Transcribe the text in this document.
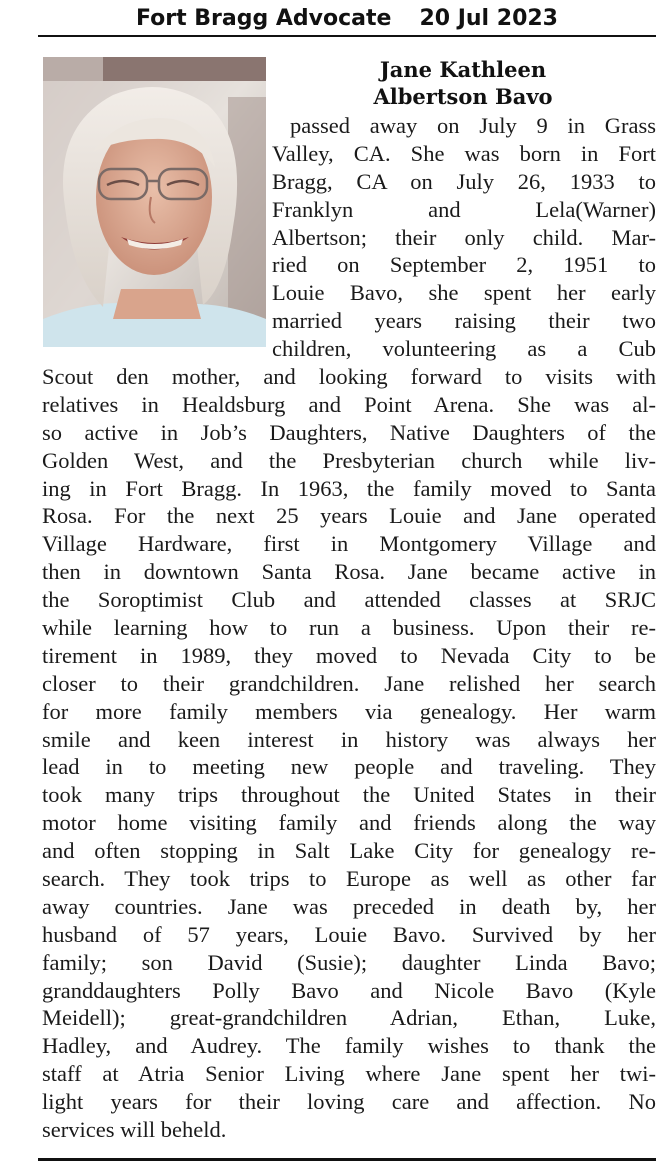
Fort Bragg Advocate 20 Jul 2023
Jane Kathleen
Albertson Bavo
passed away on July 9 in Grass
Valley, CA. She was born in Fort
Bragg, CA on July 26, 1933 to
Franklyn and Lela(Warner)
Albertson; their only child. Mar-
ried on September 2, 1951 to
Louie Bavo, she spent her early
married years raising their two
children, volunteering as a Cub
Scout den mother, and looking forward to visits with
relatives in Healdsburg and Point Arena. She was al-
so active in Job’s Daughters, Native Daughters of the
Golden West, and the Presbyterian church while liv-
ing in Fort Bragg. In 1963, the family moved to Santa
Rosa. For the next 25 years Louie and Jane operated
Village Hardware, first in Montgomery Village and
then in downtown Santa Rosa. Jane became active in
the Soroptimist Club and attended classes at SRJC
while learning how to run a business. Upon their re-
tirement in 1989, they moved to Nevada City to be
closer to their grandchildren. Jane relished her search
for more family members via genealogy. Her warm
smile and keen interest in history was always her
lead in to meeting new people and traveling. They
took many trips throughout the United States in their
motor home visiting family and friends along the way
and often stopping in Salt Lake City for genealogy re-
search. They took trips to Europe as well as other far
away countries. Jane was preceded in death by, her
husband of 57 years, Louie Bavo. Survived by her
family; son David (Susie); daughter Linda Bavo;
granddaughters Polly Bavo and Nicole Bavo (Kyle
Meidell); great-grandchildren Adrian, Ethan, Luke,
Hadley, and Audrey. The family wishes to thank the
staff at Atria Senior Living where Jane spent her twi-
light years for their loving care and affection. No
services will beheld.
